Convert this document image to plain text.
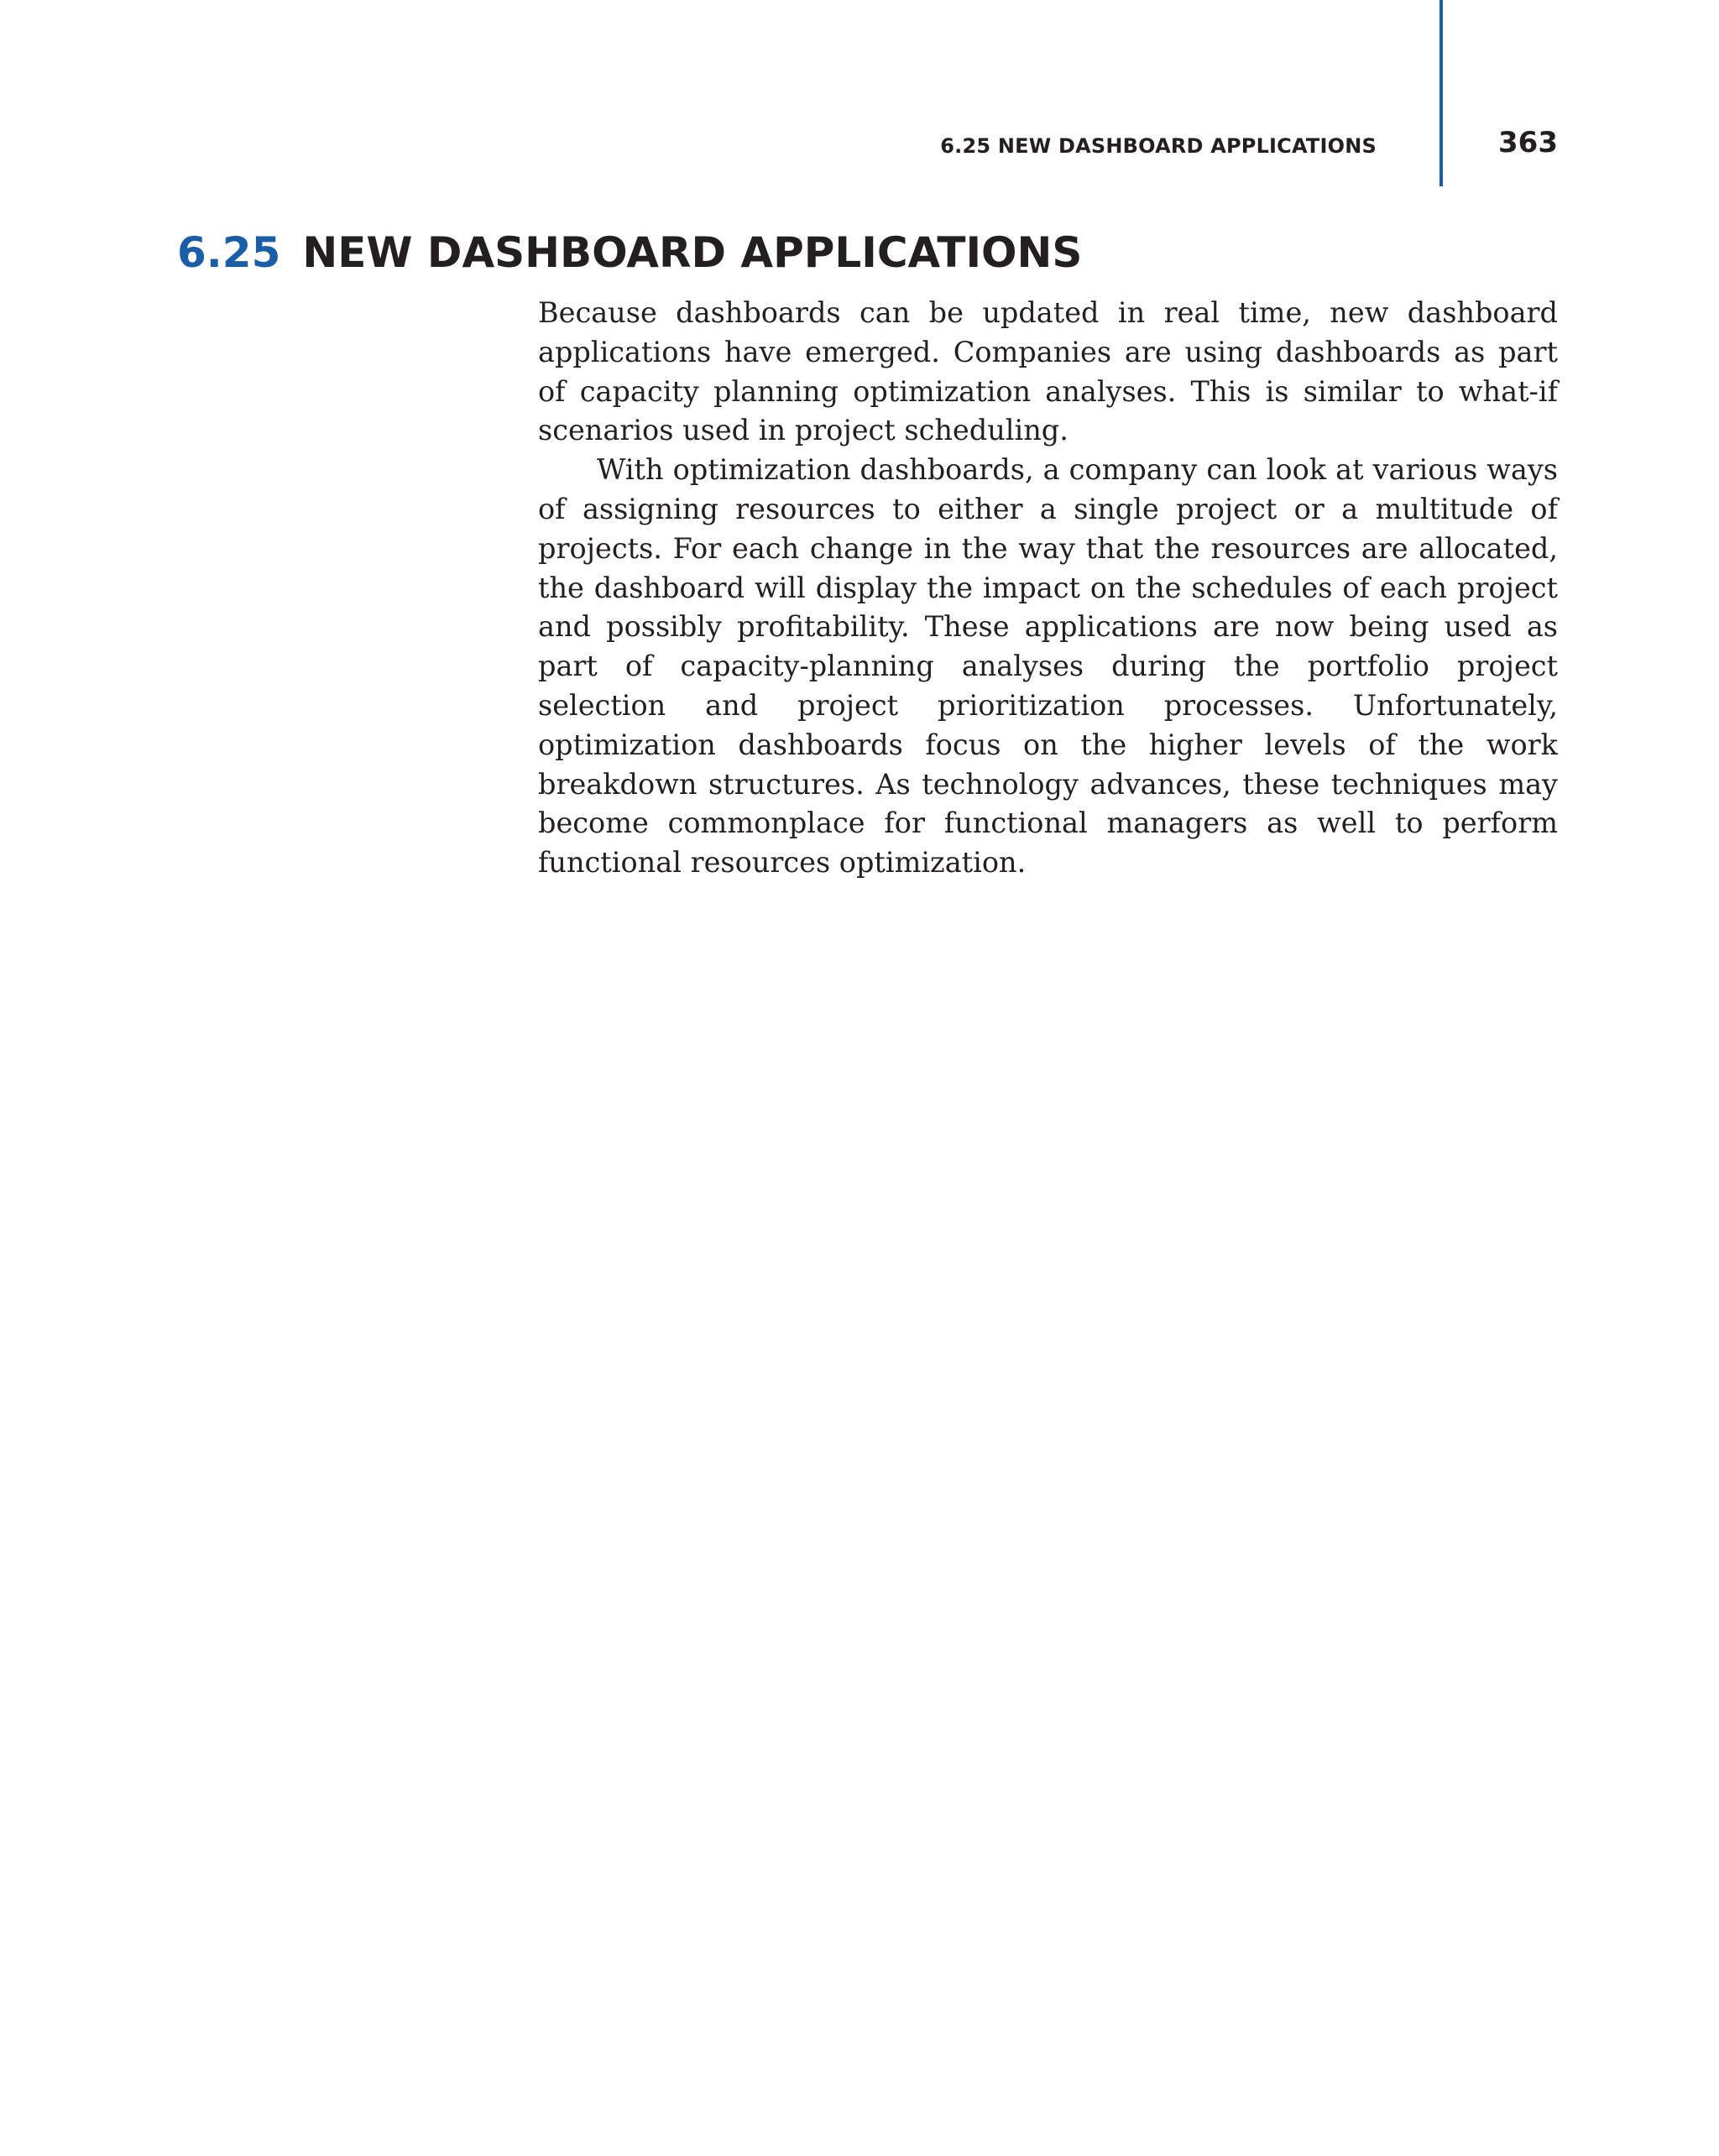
6.25 NEW DASHBOARD APPLICATIONS	363
6.25 NEW DASHBOARD APPLICATIONS

Because dashboards can be updated in real time, new dashboard applications have emerged. Companies are using dashboards as part of capacity planning optimization analyses. This is similar to what-if scenarios used in project scheduling.

With optimization dashboards, a company can look at various ways of assigning resources to either a single project or a multitude of projects. For each change in the way that the resources are allocated, the dashboard will display the impact on the schedules of each project and possibly profitability. These applications are now being used as part of capacity-planning analyses during the portfolio project selection and project prioritization processes. Unfortunately, optimization dashboards focus on the higher levels of the work breakdown structures. As technology advances, these techniques may become commonplace for functional managers as well to perform functional resources optimization.
